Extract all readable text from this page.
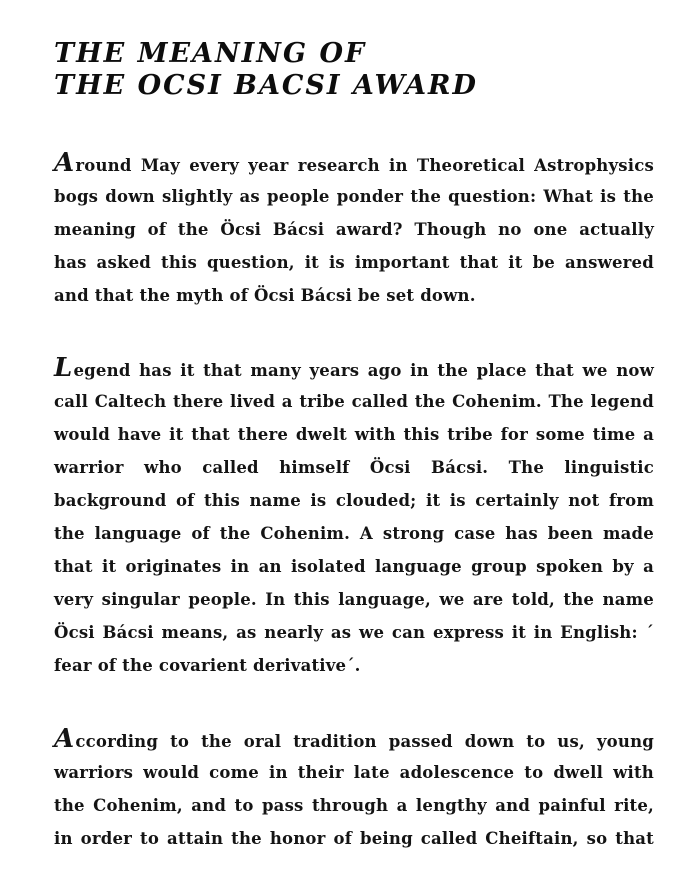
THE MEANING OF
THE OCSI BACSI AWARD
Around May every year research in Theoretical Astrophysics
bogs down slightly as people ponder the question: What is the
meaning of the Öcsi Bácsi award? Though no one actually
has asked this question, it is important that it be answered
and that the myth of Öcsi Bácsi be set down.
Legend has it that many years ago in the place that we now
call Caltech there lived a tribe called the Cohenim. The legend
would have it that there dwelt with this tribe for some time a
warrior who called himself Öcsi Bácsi. The linguistic
background of this name is clouded; it is certainly not from
the language of the Cohenim. A strong case has been made
that it originates in an isolated language group spoken by a
very singular people. In this language, we are told, the name
Öcsi Bácsi means, as nearly as we can express it in English: ´
fear of the covarient derivative´.
According to the oral tradition passed down to us, young
warriors would come in their late adolescence to dwell with
the Cohenim, and to pass through a lengthy and painful rite,
in order to attain the honor of being called Cheiftain, so that
